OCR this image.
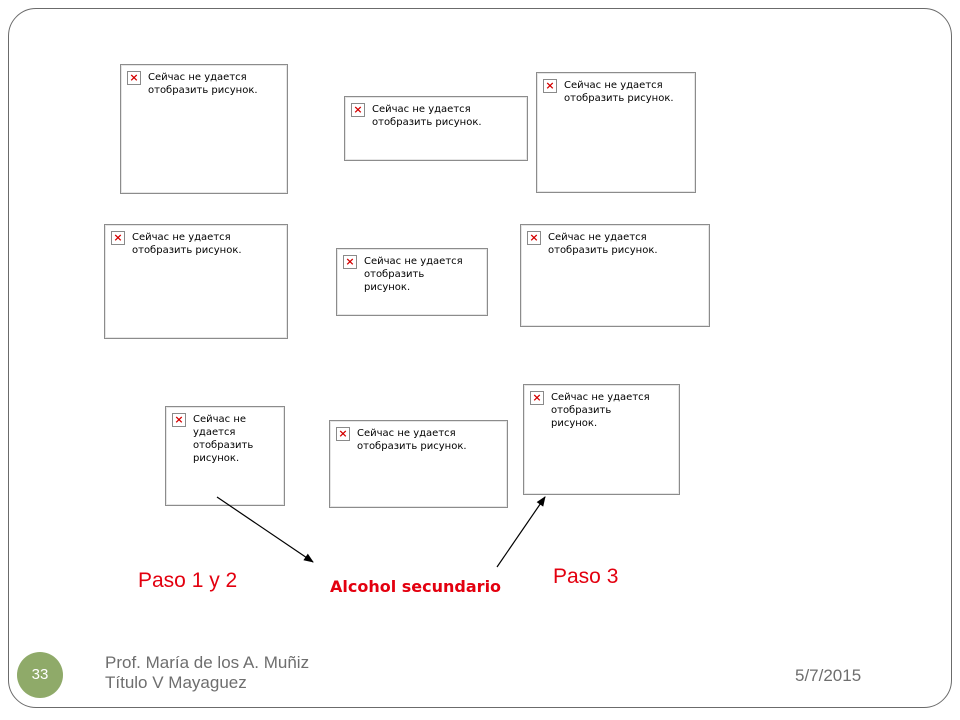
× Сейчас не удается отобразить рисунок.
× Сейчас не удается отобразить рисунок.
× Сейчас не удается отобразить рисунок.
× Сейчас не удается отобразить рисунок.
× Сейчас не удается отобразить рисунок.
× Сейчас не удается отобразить рисунок.
× Сейчас не удается отобразить рисунок.
× Сейчас не удается отобразить рисунок.
× Сейчас не удается отобразить рисунок.
Paso 1 y 2	Alcohol secundario Paso 3
Prof. María de los A. Muñiz
Título V Mayaguez	5/7/2015
33
